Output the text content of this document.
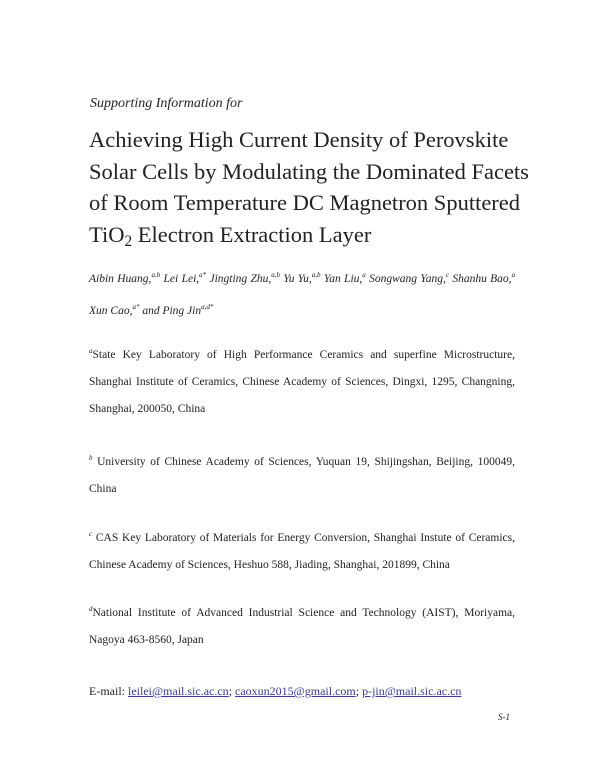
Supporting Information for
Achieving High Current Density of Perovskite
Solar Cells by Modulating the Dominated Facets
of Room Temperature DC Magnetron Sputtered
TiO$_2$ Electron Extraction Layer
Aibin Huang,$^{a,b}$ Lei Lei,$^{a*}$ Jingting Zhu,$^{a,b}$ Yu Yu,$^{a,b}$ Yan Liu,$^a$ Songwang Yang,$^c$ Shanhu Bao,$^a$ Xun Cao,$^{a*}$ and Ping Jin$^{a,d*}$
$^a$State Key Laboratory of High Performance Ceramics and superfine Microstructure,
Shanghai Institute of Ceramics, Chinese Academy of Sciences, Dingxi, 1295, Changning,
Shanghai, 200050, China
$^b$ University of Chinese Academy of Sciences, Yuquan 19, Shijingshan, Beijing, 100049,
China
$^c$ CAS Key Laboratory of Materials for Energy Conversion, Shanghai Instute of Ceramics,
Chinese Academy of Sciences, Heshuo 588, Jiading, Shanghai, 201899, China
$^d$National Institute of Advanced Industrial Science and Technology (AIST), Moriyama,
Nagoya 463-8560, Japan
E-mail: leilei@mail.sic.ac.cn; caoxun2015@gmail.com; p-jin@mail.sic.ac.cn
S-1
